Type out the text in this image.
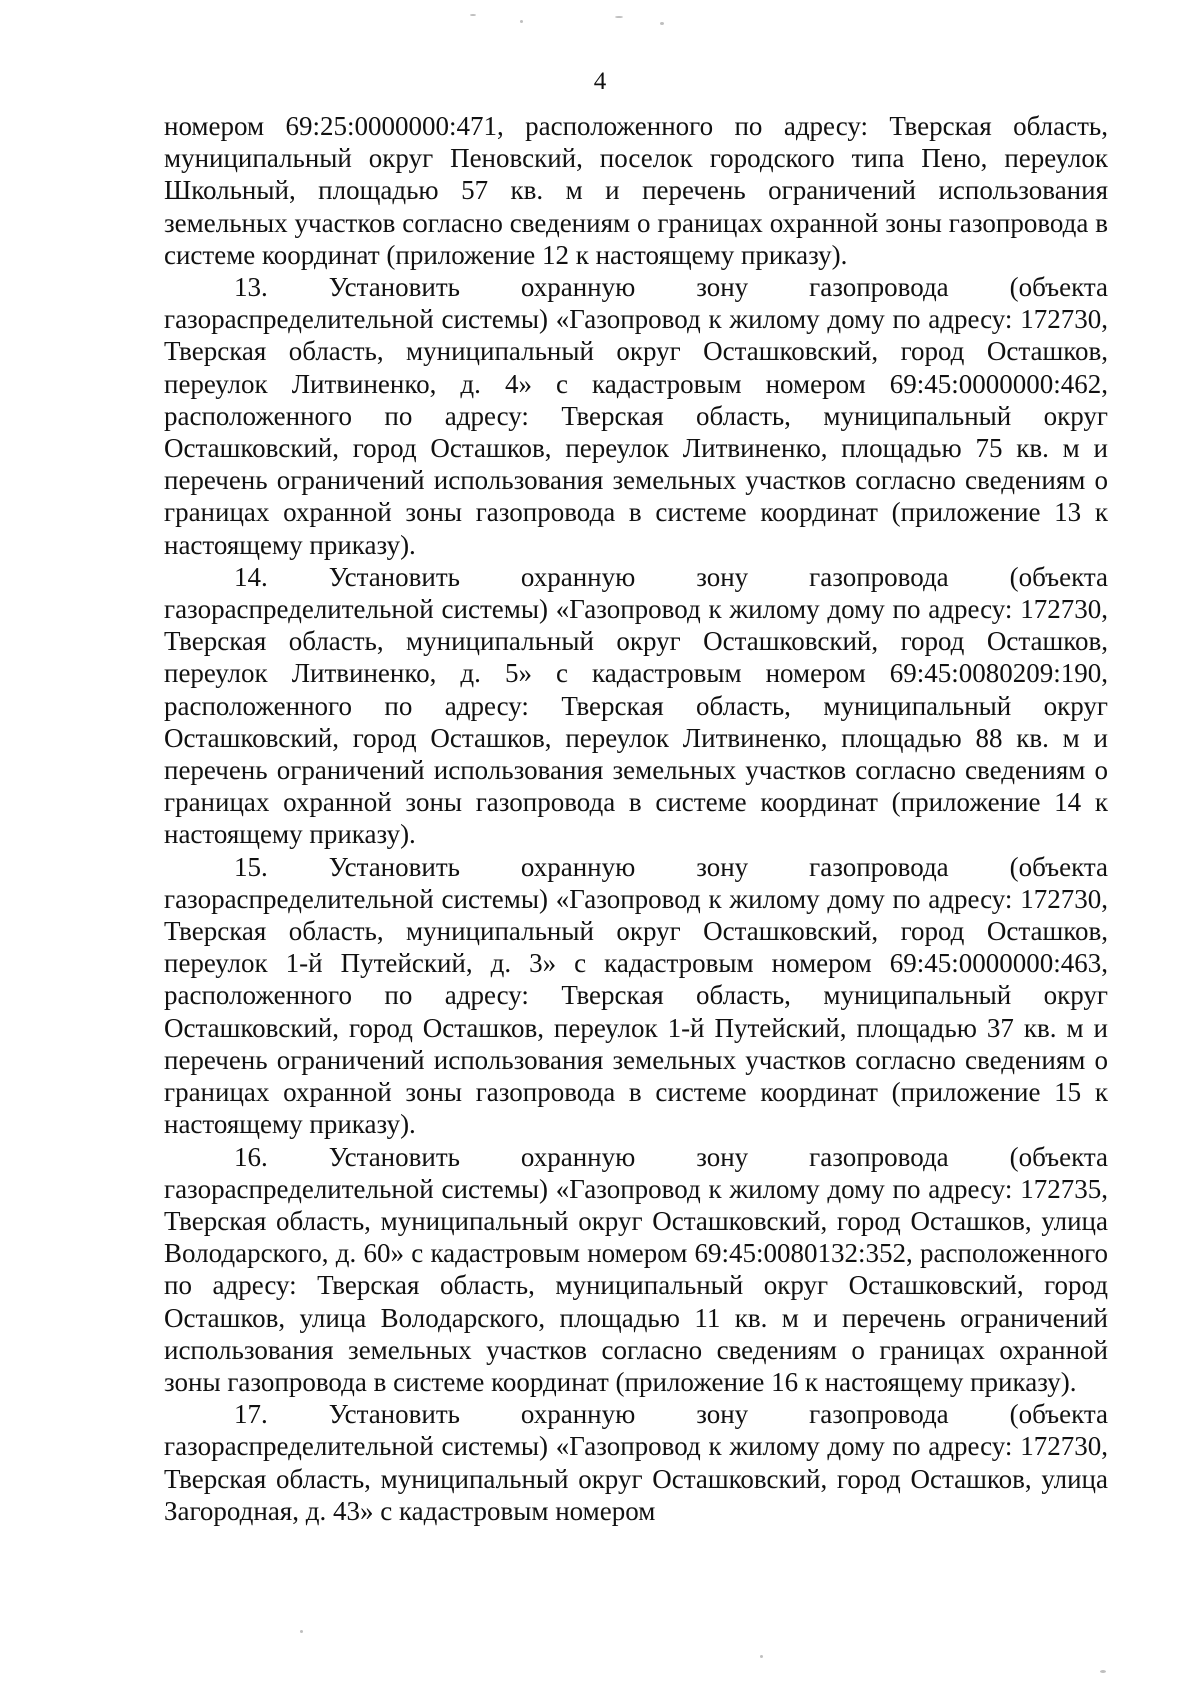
4

номером 69:25:0000000:471, расположенного по адресу: Тверская область, муниципальный округ Пеновский, поселок городского типа Пено, переулок Школьный, площадью 57 кв. м и перечень ограничений использования земельных участков согласно сведениям о границах охранной зоны газопровода в системе координат (приложение 12 к настоящему приказу).

13. Установить охранную зону газопровода (объекта газораспределительной системы) «Газопровод к жилому дому по адресу: 172730, Тверская область, муниципальный округ Осташковский, город Осташков, переулок Литвиненко, д. 4» с кадастровым номером 69:45:0000000:462, расположенного по адресу: Тверская область, муниципальный округ Осташковский, город Осташков, переулок Литвиненко, площадью 75 кв. м и перечень ограничений использования земельных участков согласно сведениям о границах охранной зоны газопровода в системе координат (приложение 13 к настоящему приказу).

14. Установить охранную зону газопровода (объекта газораспределительной системы) «Газопровод к жилому дому по адресу: 172730, Тверская область, муниципальный округ Осташковский, город Осташков, переулок Литвиненко, д. 5» с кадастровым номером 69:45:0080209:190, расположенного по адресу: Тверская область, муниципальный округ Осташковский, город Осташков, переулок Литвиненко, площадью 88 кв. м и перечень ограничений использования земельных участков согласно сведениям о границах охранной зоны газопровода в системе координат (приложение 14 к настоящему приказу).

15. Установить охранную зону газопровода (объекта газораспределительной системы) «Газопровод к жилому дому по адресу: 172730, Тверская область, муниципальный округ Осташковский, город Осташков, переулок 1-й Путейский, д. 3» с кадастровым номером 69:45:0000000:463, расположенного по адресу: Тверская область, муниципальный округ Осташковский, город Осташков, переулок 1-й Путейский, площадью 37 кв. м и перечень ограничений использования земельных участков согласно сведениям о границах охранной зоны газопровода в системе координат (приложение 15 к настоящему приказу).

16. Установить охранную зону газопровода (объекта газораспределительной системы) «Газопровод к жилому дому по адресу: 172735, Тверская область, муниципальный округ Осташковский, город Осташков, улица Володарского, д. 60» с кадастровым номером 69:45:0080132:352, расположенного по адресу: Тверская область, муниципальный округ Осташковский, город Осташков, улица Володарского, площадью 11 кв. м и перечень ограничений использования земельных участков согласно сведениям о границах охранной зоны газопровода в системе координат (приложение 16 к настоящему приказу).

17. Установить охранную зону газопровода (объекта газораспределительной системы) «Газопровод к жилому дому по адресу: 172730, Тверская область, муниципальный округ Осташковский, город Осташков, улица Загородная, д. 43» с кадастровым номером
